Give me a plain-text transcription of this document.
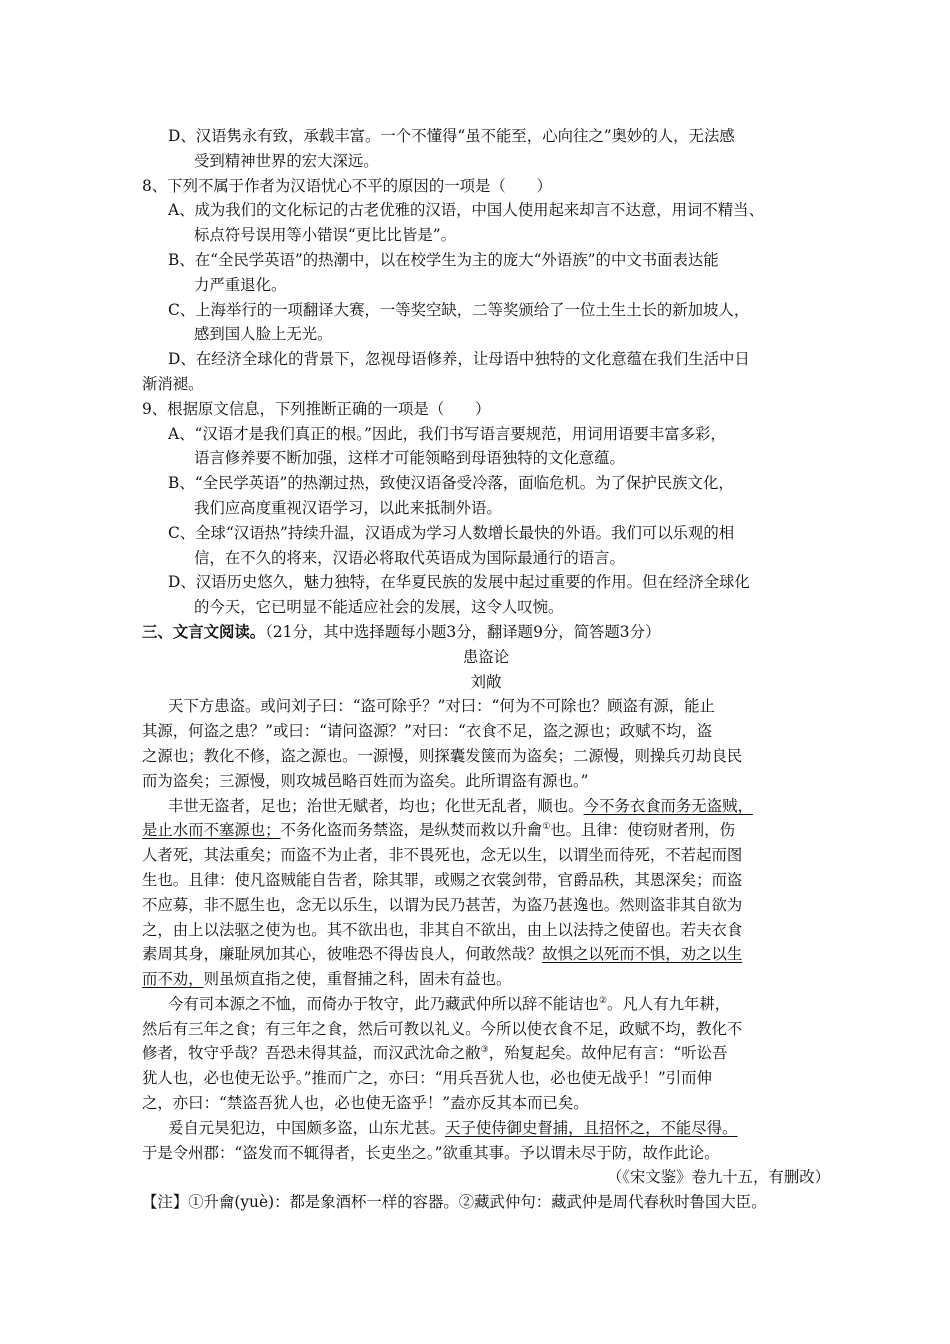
D、汉语隽永有致，承载丰富。一个不懂得“虽不能至，心向往之”奥妙的人，无法感
受到精神世界的宏大深远。
8、下列不属于作者为汉语忧心不平的原因的一项是（　　）
A、成为我们的文化标记的古老优雅的汉语，中国人使用起来却言不达意，用词不精当、
标点符号误用等小错误“更比比皆是”。
B、在“全民学英语”的热潮中，以在校学生为主的庞大“外语族”的中文书面表达能
力严重退化。
C、上海举行的一项翻译大赛，一等奖空缺，二等奖颁给了一位土生土长的新加坡人，
感到国人脸上无光。
D、在经济全球化的背景下，忽视母语修养，让母语中独特的文化意蕴在我们生活中日
渐消褪。
9、根据原文信息，下列推断正确的一项是（　　）
A、“汉语才是我们真正的根。”因此，我们书写语言要规范，用词用语要丰富多彩，
语言修养要不断加强，这样才可能领略到母语独特的文化意蕴。
B、“全民学英语”的热潮过热，致使汉语备受冷落，面临危机。为了保护民族文化，
我们应高度重视汉语学习，以此来抵制外语。
C、全球“汉语热”持续升温，汉语成为学习人数增长最快的外语。我们可以乐观的相
信，在不久的将来，汉语必将取代英语成为国际最通行的语言。
D、汉语历史悠久，魅力独特，在华夏民族的发展中起过重要的作用。但在经济全球化
的今天，它已明显不能适应社会的发展，这令人叹惋。
三、文言文阅读。（21分，其中选择题每小题3分，翻译题9分，简答题3分）
患盗论
刘敞
天下方患盗。或问刘子曰：“盗可除乎？”对曰：“何为不可除也？顾盗有源，能止
其源，何盗之患？”或曰：“请问盗源？”对曰：“衣食不足，盗之源也；政赋不均，盗
之源也；教化不修，盗之源也。一源慢，则探囊发箧而为盗矣；二源慢，则操兵刃劫良民
而为盗矣；三源慢，则攻城邑略百姓而为盗矣。此所谓盗有源也。”
丰世无盗者，足也；治世无赋者，均也；化世无乱者，顺也。今不务衣食而务无盗贼，
是止水而不塞源也；不务化盗而务禁盗，是纵焚而救以升龠①也。且律：使窃财者刑，伤
人者死，其法重矣；而盗不为止者，非不畏死也，念无以生，以谓坐而待死，不若起而图
生也。且律：使凡盗贼能自告者，除其罪，或赐之衣裳剑带，官爵品秩，其恩深矣；而盗
不应募，非不愿生也，念无以乐生，以谓为民乃甚苦，为盗乃甚逸也。然则盗非其自欲为
之，由上以法驱之使为也。其不欲出也，非其自不欲出，由上以法持之使留也。若夫衣食
素周其身，廉耻夙加其心，彼唯恐不得齿良人，何敢然哉？故惧之以死而不惧，劝之以生
而不劝，则虽烦直指之使，重督捕之科，固未有益也。
今有司本源之不恤，而倚办于牧守，此乃藏武仲所以辞不能诘也②。凡人有九年耕，
然后有三年之食；有三年之食，然后可教以礼义。今所以使衣食不足，政赋不均，教化不
修者，牧守乎哉？吾恐未得其益，而汉武沈命之敝③，殆复起矣。故仲尼有言：“听讼吾
犹人也，必也使无讼乎。”推而广之，亦曰：“用兵吾犹人也，必也使无战乎！”引而伸
之，亦曰：“禁盗吾犹人也，必也使无盗乎！”盍亦反其本而已矣。
爰自元昊犯边，中国颇多盗，山东尤甚。天子使侍御史督捕，且招怀之，不能尽得。
于是令州郡：“盗发而不辄得者，长吏坐之。”欲重其事。予以谓未尽于防，故作此论。
（《宋文鉴》卷九十五，有删改）
【注】①升龠(yuè)：都是象酒杯一样的容器。②藏武仲句：藏武仲是周代春秋时鲁国大臣。
